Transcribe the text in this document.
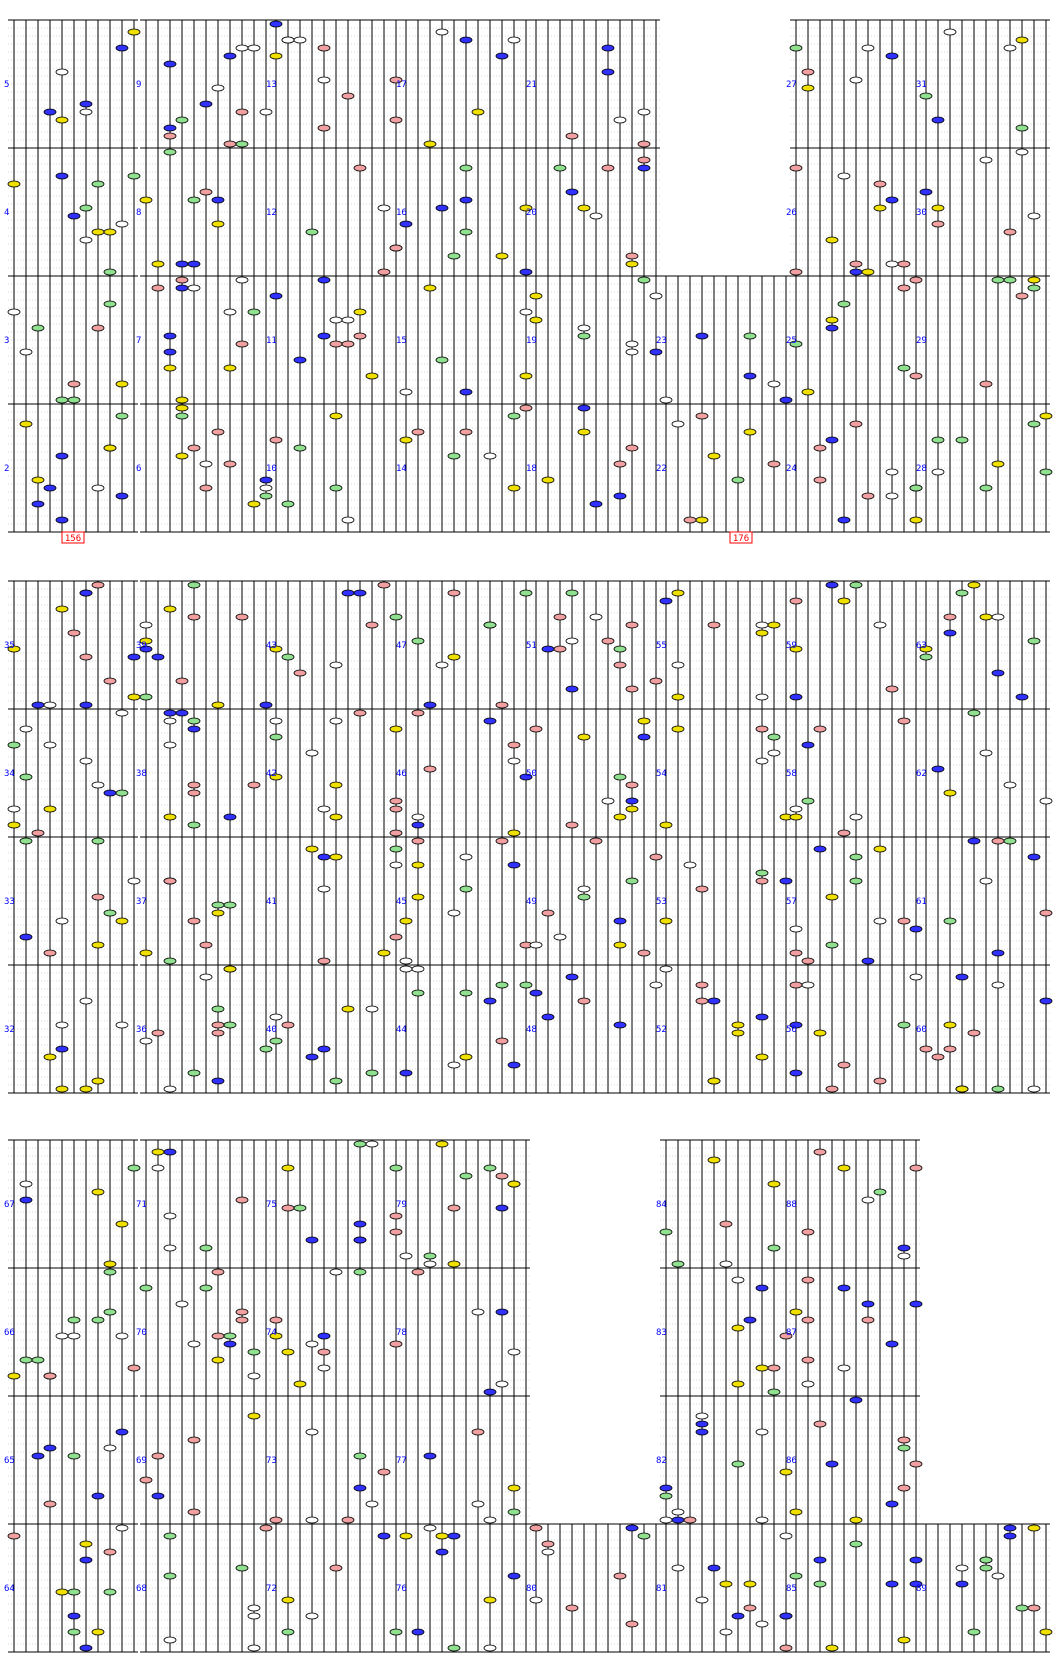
2
3
4
5
6
7
8
9
10
11
12
13
14
15
16
17
18
19
20
21
22
23
24
25
26
27
28
29
30
31
32
33
34
35
36
37
38
39
40
41
42
43
44
45
46
47
48
49
50
51
52
53
54
55
56
57
58
59
60
61
62
63
64
65
66
67
68
69
70
71
72
73
74
75
76
77
78
79
80	81
82
83
84
85
86
87
88
89
156	176
